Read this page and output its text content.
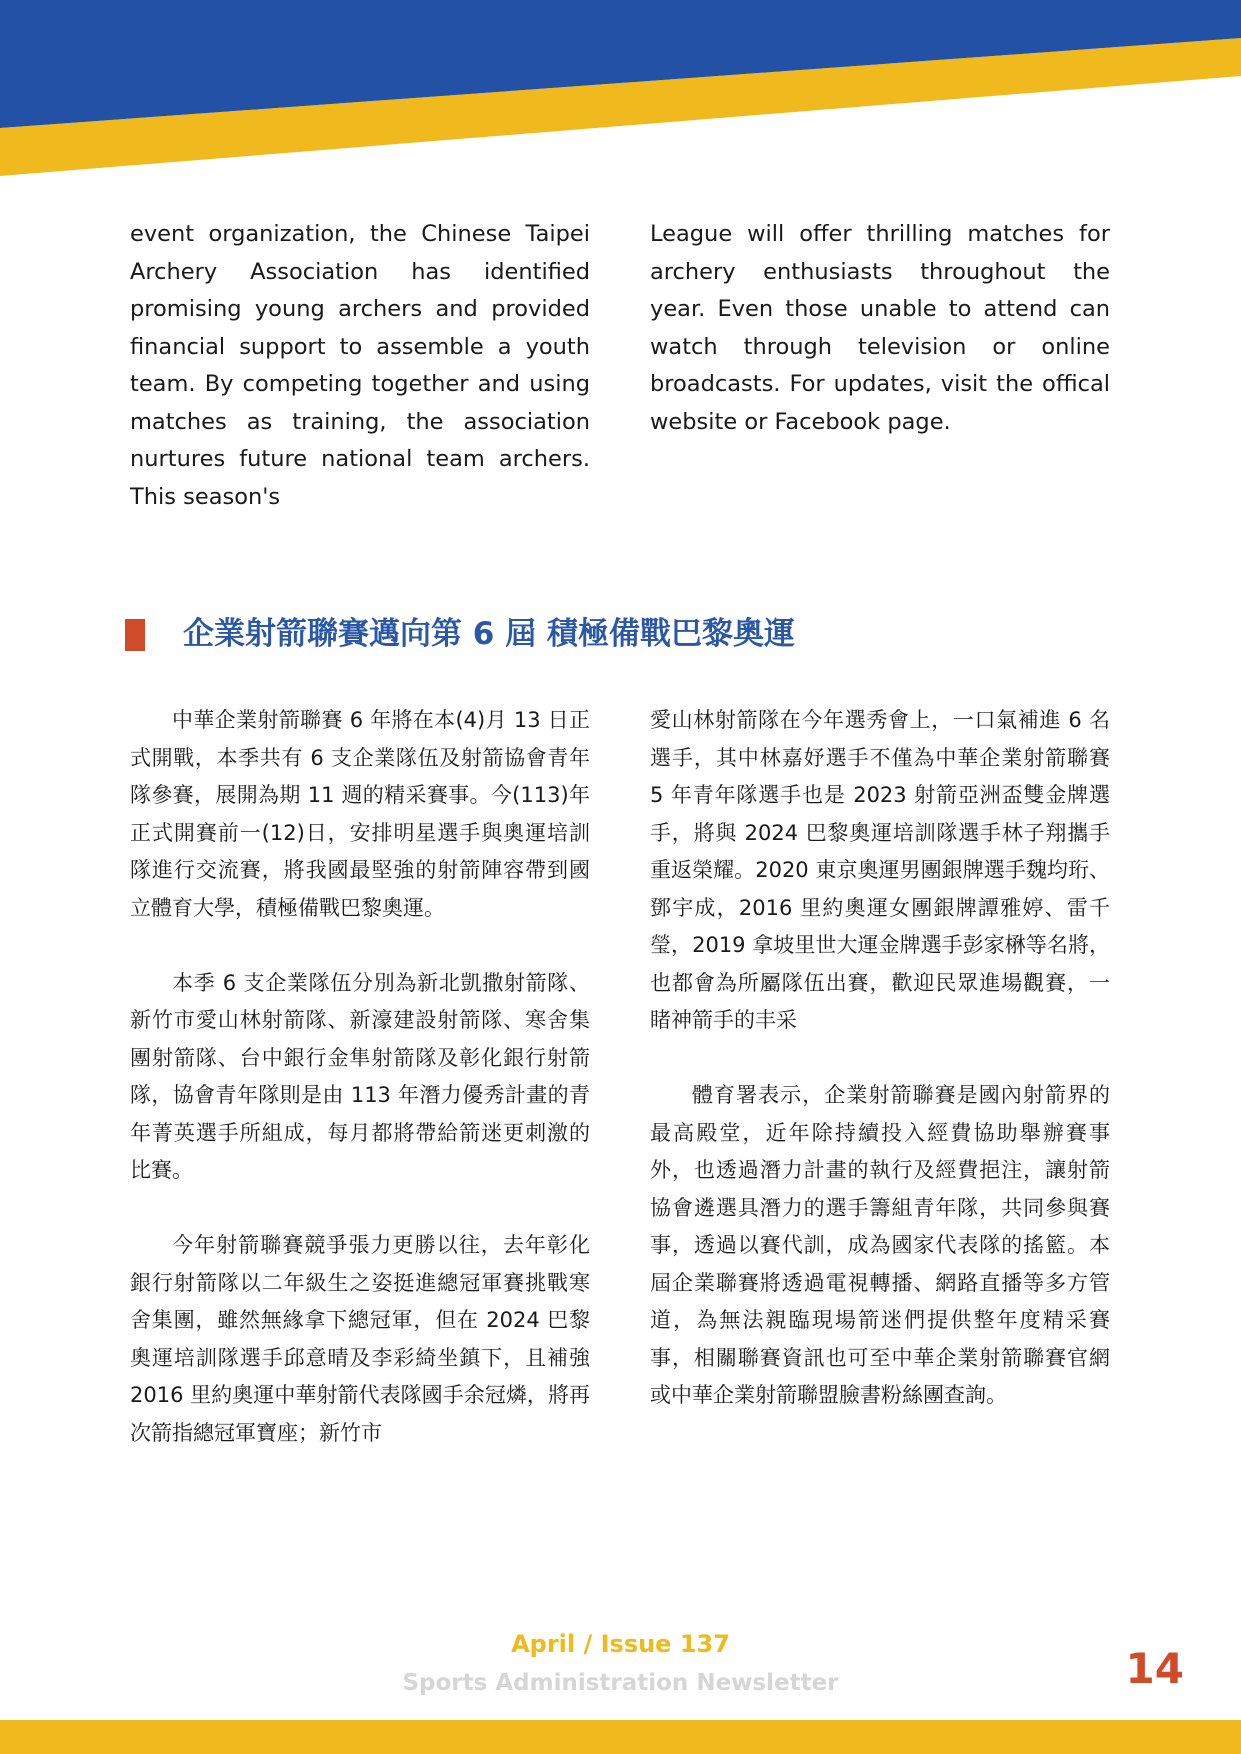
event organization, the Chinese Taipei Archery Association has identified promising young archers and provided financial support to assemble a youth team. By competing together and using matches as training, the association nurtures future national team archers. This season's

League will offer thrilling matches for archery enthusiasts throughout the year. Even those unable to attend can watch through television or online broadcasts. For updates, visit the offical website or Facebook page.

企業射箭聯賽邁向第 6 屆 積極備戰巴黎奧運

中華企業射箭聯賽 6 年將在本(4)月 13 日正式開戰，本季共有 6 支企業隊伍及射箭協會青年隊參賽，展開為期 11 週的精采賽事。今(113)年正式開賽前一(12)日，安排明星選手與奧運培訓隊進行交流賽，將我國最堅強的射箭陣容帶到國立體育大學，積極備戰巴黎奧運。

本季 6 支企業隊伍分別為新北凱撒射箭隊、新竹市愛山林射箭隊、新濠建設射箭隊、寒舍集團射箭隊、台中銀行金隼射箭隊及彰化銀行射箭隊，協會青年隊則是由 113 年潛力優秀計畫的青年菁英選手所組成，每月都將帶給箭迷更刺激的比賽。

今年射箭聯賽競爭張力更勝以往，去年彰化銀行射箭隊以二年級生之姿挺進總冠軍賽挑戰寒舍集團，雖然無緣拿下總冠軍，但在 2024 巴黎奧運培訓隊選手邱意晴及李彩綺坐鎮下，且補強 2016 里約奧運中華射箭代表隊國手余冠燐，將再次箭指總冠軍寶座；新竹市

愛山林射箭隊在今年選秀會上，一口氣補進 6 名選手，其中林嘉妤選手不僅為中華企業射箭聯賽 5 年青年隊選手也是 2023 射箭亞洲盃雙金牌選手，將與 2024 巴黎奧運培訓隊選手林子翔攜手重返榮耀。2020 東京奧運男團銀牌選手魏均珩、鄧宇成，2016 里約奧運女團銀牌譚雅婷、雷千瑩，2019 拿坡里世大運金牌選手彭家楙等名將，也都會為所屬隊伍出賽，歡迎民眾進場觀賽，一睹神箭手的丰采

體育署表示，企業射箭聯賽是國內射箭界的最高殿堂，近年除持續投入經費協助舉辦賽事外，也透過潛力計畫的執行及經費挹注，讓射箭協會遴選具潛力的選手籌組青年隊，共同參與賽事，透過以賽代訓，成為國家代表隊的搖籃。本屆企業聯賽將透過電視轉播、網路直播等多方管道，為無法親臨現場箭迷們提供整年度精采賽事，相關聯賽資訊也可至中華企業射箭聯賽官網或中華企業射箭聯盟臉書粉絲團查詢。

April / Issue 137
Sports Administration Newsletter	14
